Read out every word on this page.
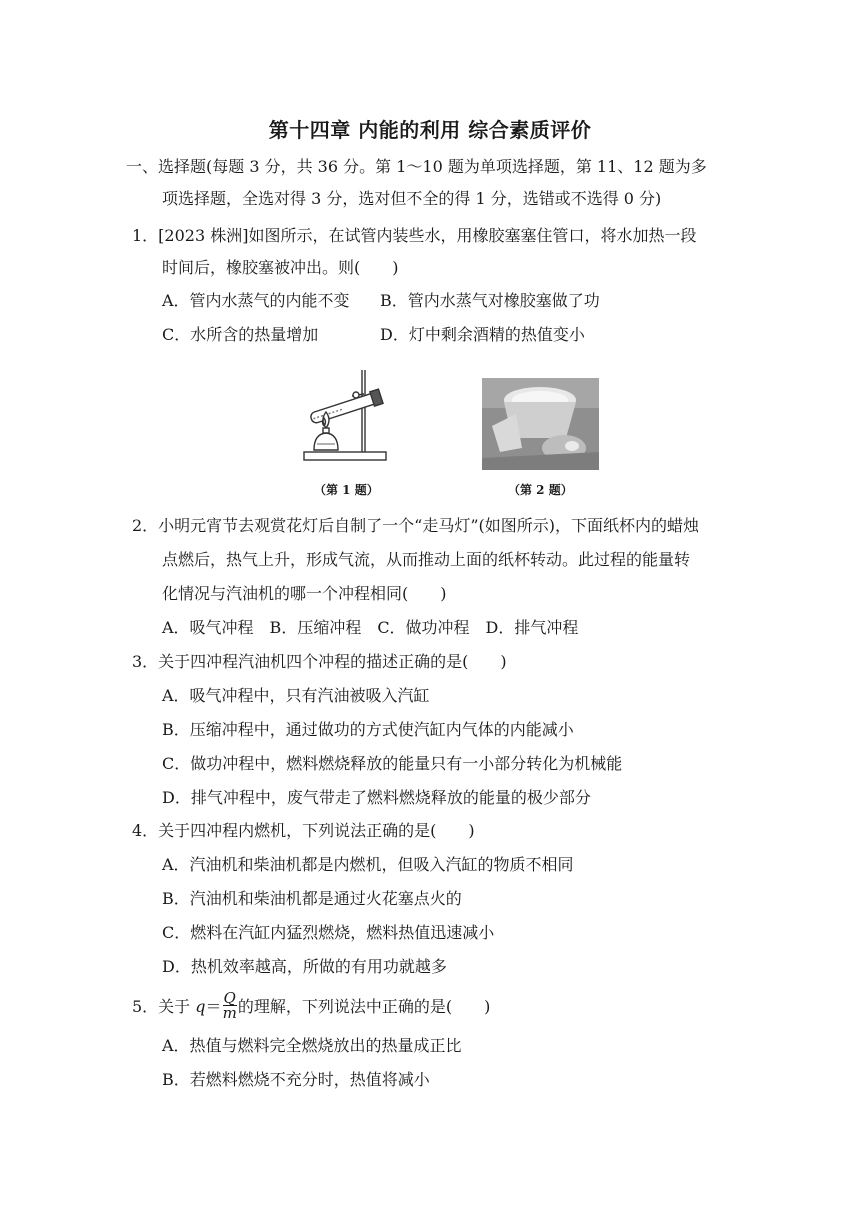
第十四章 内能的利用 综合素质评价
一、选择题(每题 3 分，共 36 分。第 1～10 题为单项选择题，第 11、12 题为多
项选择题，全选对得 3 分，选对但不全的得 1 分，选错或不选得 0 分)
1．[2023 株洲]如图所示，在试管内装些水，用橡胶塞塞住管口，将水加热一段
时间后，橡胶塞被冲出。则(　　)
A．管内水蒸气的内能不变 B．管内水蒸气对橡胶塞做了功
C．水所含的热量增加	D．灯中剩余酒精的热值变小
（第 1 题）	（第 2 题）
2．小明元宵节去观赏花灯后自制了一个“走马灯”(如图所示)，下面纸杯内的蜡烛
点燃后，热气上升，形成气流，从而推动上面的纸杯转动。此过程的能量转
化情况与汽油机的哪一个冲程相同(　　)
A．吸气冲程　B．压缩冲程　C．做功冲程　D．排气冲程
3．关于四冲程汽油机四个冲程的描述正确的是(　　)
A．吸气冲程中，只有汽油被吸入汽缸
B．压缩冲程中，通过做功的方式使汽缸内气体的内能减小
C．做功冲程中，燃料燃烧释放的能量只有一小部分转化为机械能
D．排气冲程中，废气带走了燃料燃烧释放的能量的极少部分
4．关于四冲程内燃机，下列说法正确的是(　　)
A．汽油机和柴油机都是内燃机，但吸入汽缸的物质不相同
B．汽油机和柴油机都是通过火花塞点火的
C．燃料在汽缸内猛烈燃烧，燃料热值迅速减小
D．热机效率越高，所做的有用功就越多
5．关于 $q= \frac{Q}{m}$ 的理解，下列说法中正确的是(　　)
A．热值与燃料完全燃烧放出的热量成正比
B．若燃料燃烧不充分时，热值将减小
